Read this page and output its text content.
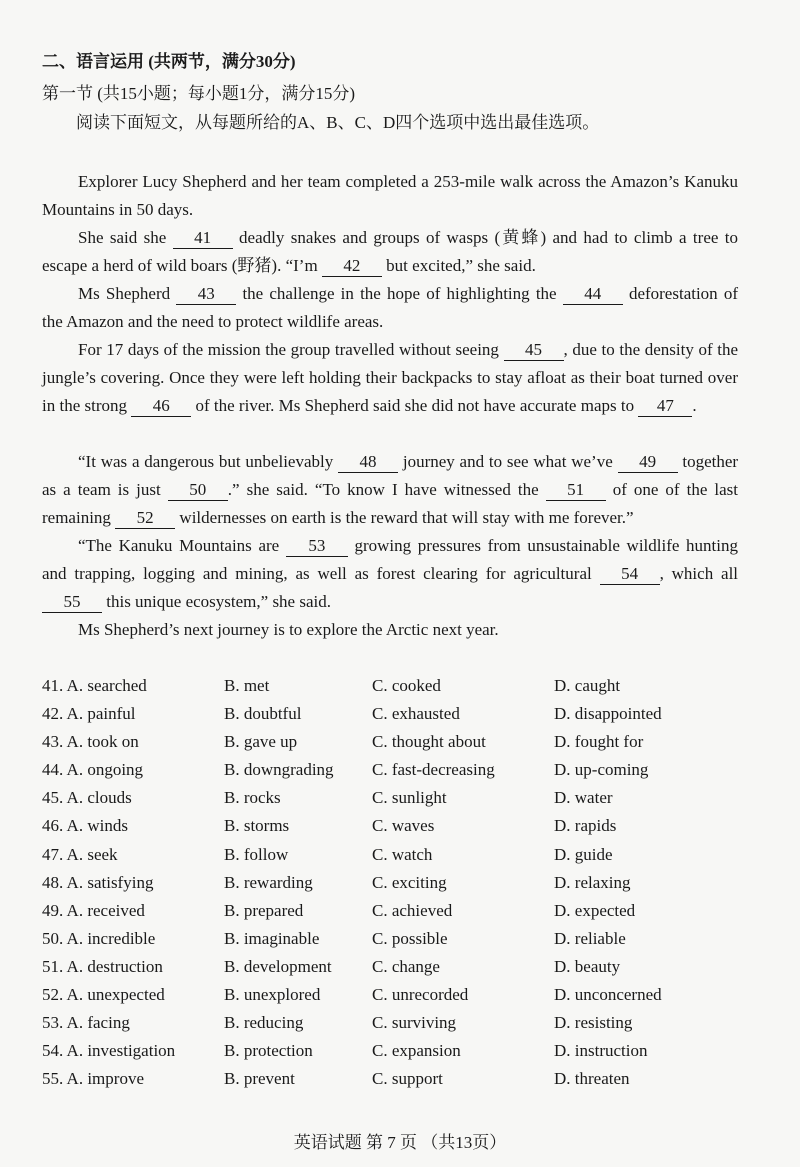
二、语言运用 (共两节，满分30分)
第一节 (共15小题；每小题1分，满分15分)
阅读下面短文，从每题所给的A、B、C、D四个选项中选出最佳选项。
Explorer Lucy Shepherd and her team completed a 253-mile walk across the Amazon’s Kanuku Mountains in 50 days.
She said she 41 deadly snakes and groups of wasps (黄蜂) and had to climb a tree to escape a herd of wild boars (野猪). “I’m 42 but excited,” she said.
Ms Shepherd 43 the challenge in the hope of highlighting the 44 deforestation of the Amazon and the need to protect wildlife areas.
For 17 days of the mission the group travelled without seeing 45 , due to the density of the jungle’s covering. Once they were left holding their backpacks to stay afloat as their boat turned over in the strong 46 of the river. Ms Shepherd said she did not have accurate maps to 47 .
“It was a dangerous but unbelievably 48 journey and to see what we’ve 49 together as a team is just 50 .” she said. “To know I have witnessed the 51 of one of the last remaining 52 wildernesses on earth is the reward that will stay with me forever.”
“The Kanuku Mountains are 53 growing pressures from unsustainable wildlife hunting and trapping, logging and mining, as well as forest clearing for agricultural 54 , which all 55 this unique ecosystem,” she said.
Ms Shepherd’s next journey is to explore the Arctic next year.
41. A. searched	B. met	C. cooked	D. caught
42. A. painful	B. doubtful	C. exhausted	D. disappointed
43. A. took on	B. gave up	C. thought about	D. fought for
44. A. ongoing	B. downgrading C. fast-decreasing	D. up-coming
45. A. clouds	B. rocks	C. sunlight	D. water
46. A. winds	B. storms	C. waves	D. rapids
47. A. seek	B. follow	C. watch	D. guide
48. A. satisfying	B. rewarding	C. exciting	D. relaxing
49. A. received	B. prepared	C. achieved	D. expected
50. A. incredible	B. imaginable	C. possible	D. reliable
51. A. destruction	B. development C. change	D. beauty
52. A. unexpected	B. unexplored	C. unrecorded	D. unconcerned
53. A. facing	B. reducing	C. surviving	D. resisting
54. A. investigation	B. protection	C. expansion	D. instruction
55. A. improve	B. prevent	C. support	D. threaten
英语试题 第 7 页 （共13页）
